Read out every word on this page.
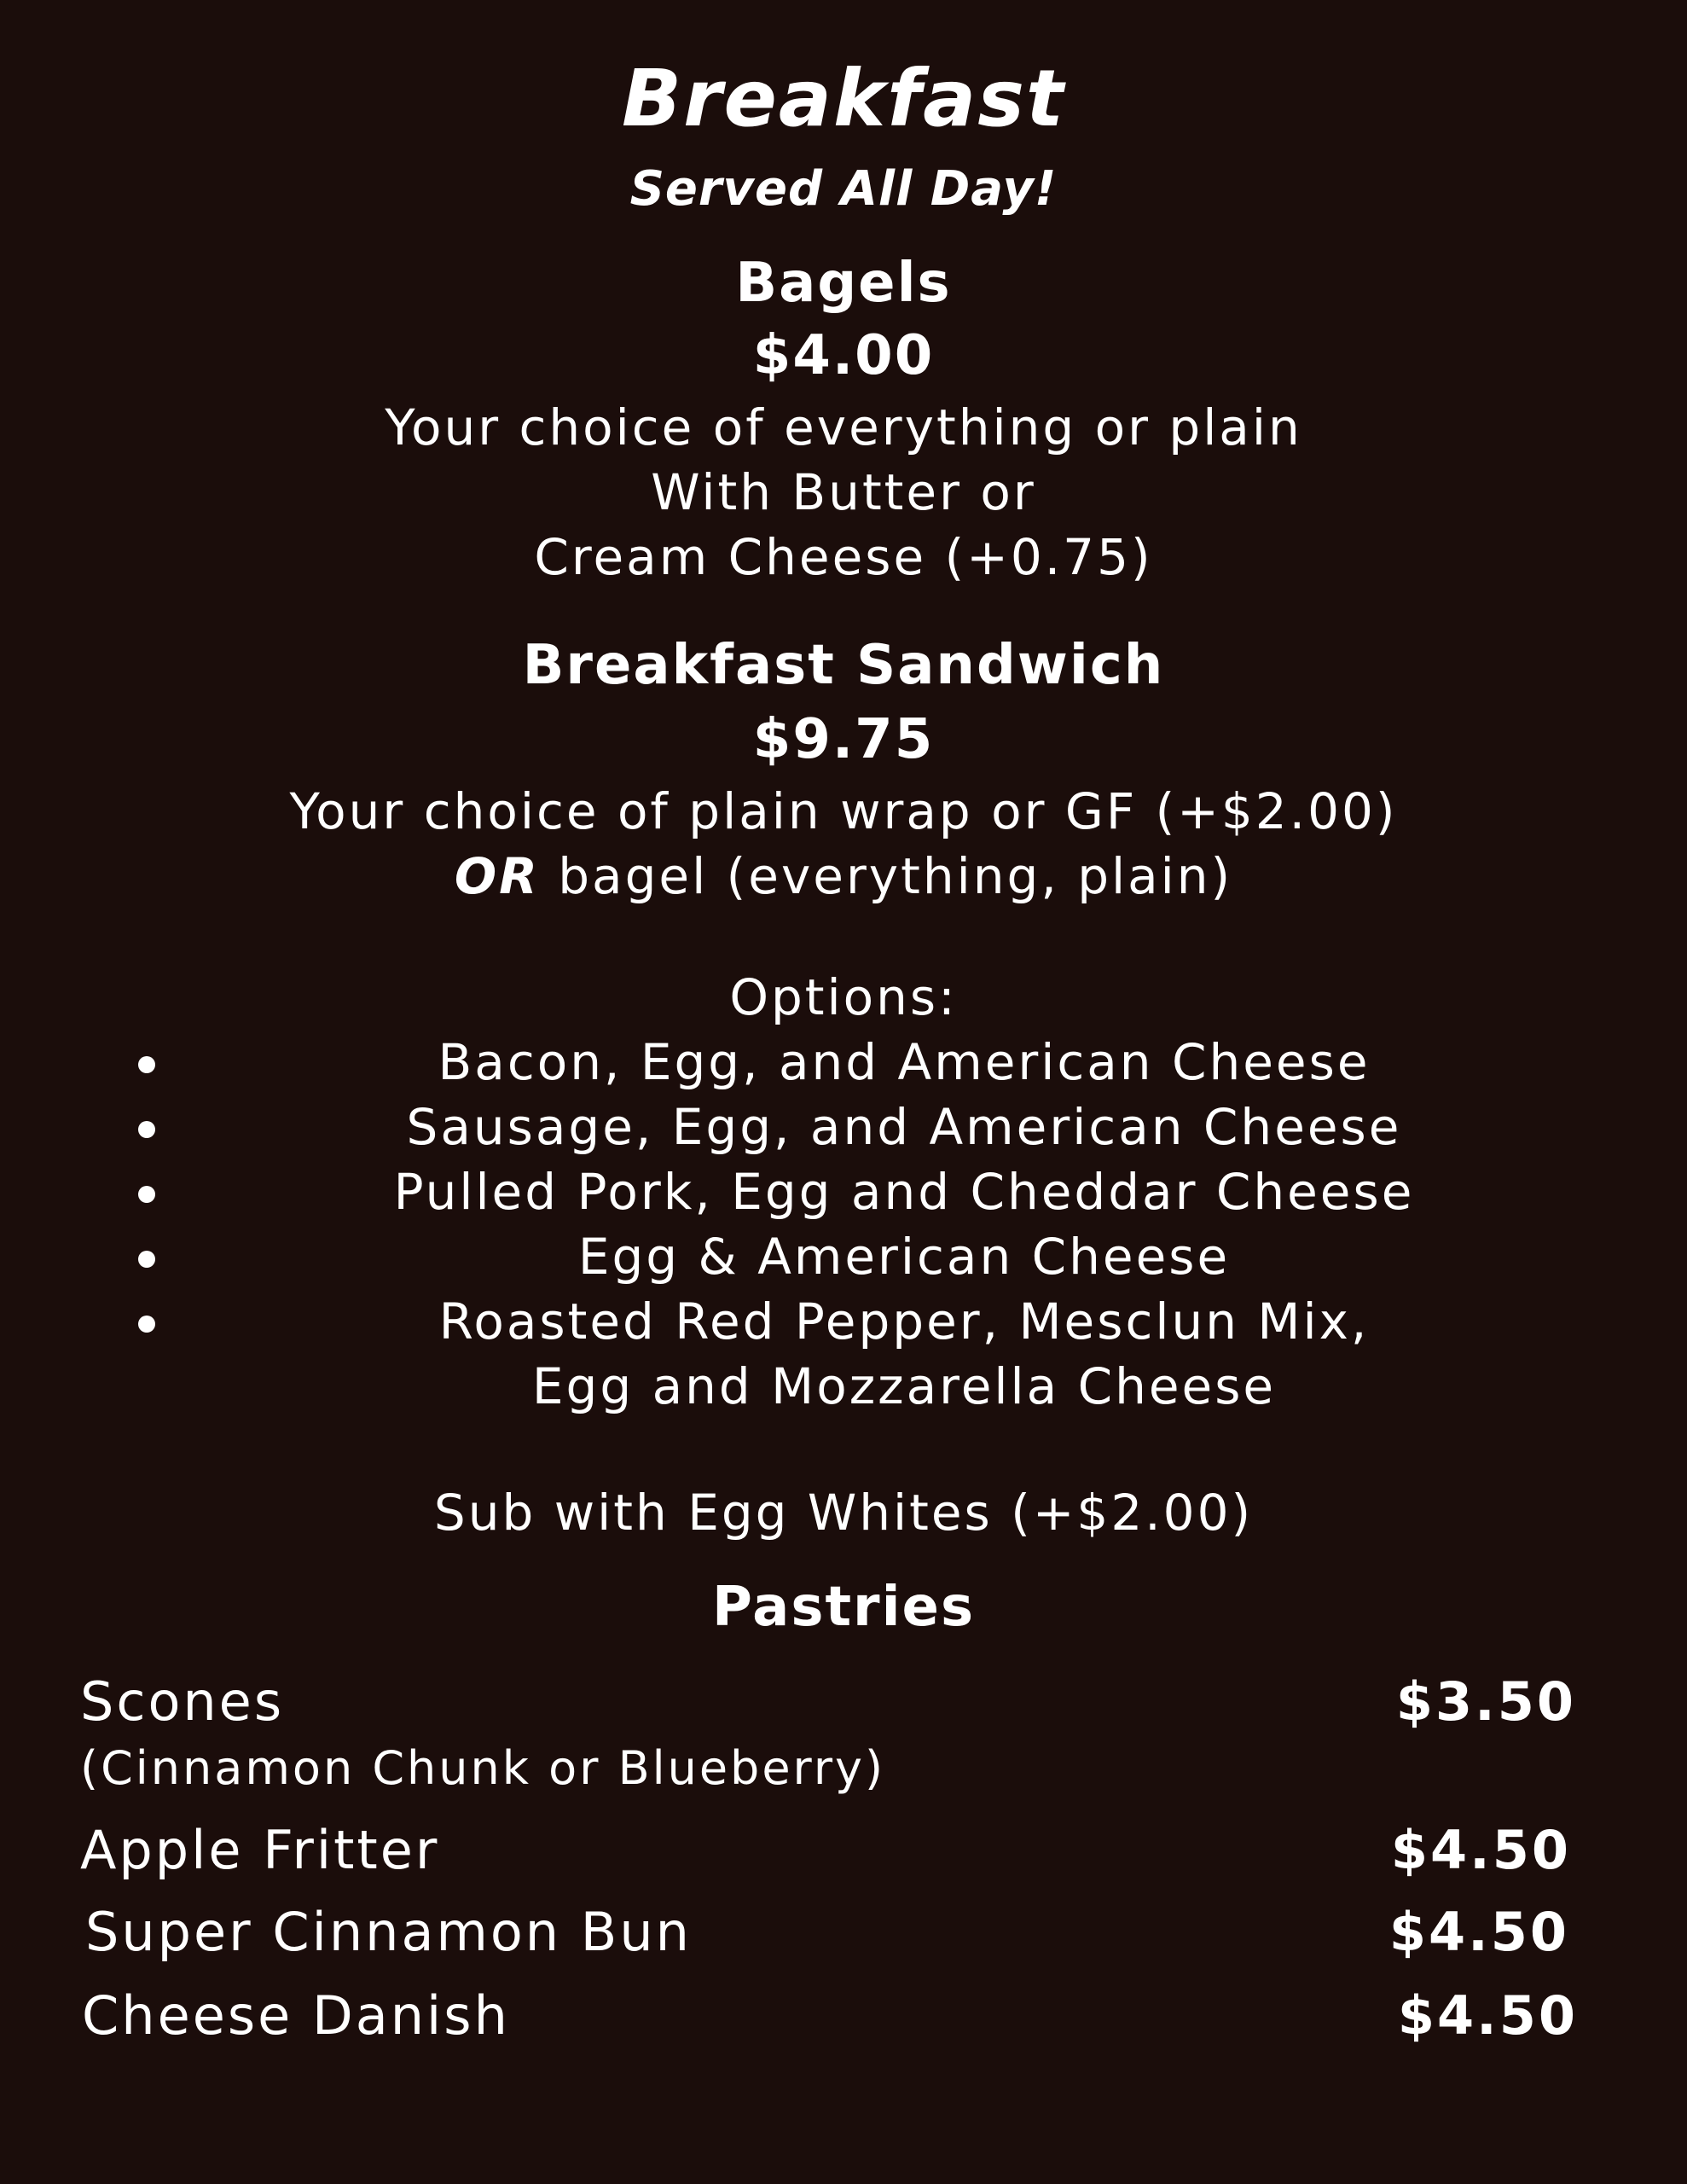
Breakfast
Served All Day!
Bagels
$4.00
Your choice of everything or plain
With Butter or
Cream Cheese (+0.75)
Breakfast Sandwich
$9.75
Your choice of plain wrap or GF (+$2.00)
OR bagel (everything, plain)
Options:
Bacon, Egg, and American Cheese
Sausage, Egg, and American Cheese
Pulled Pork, Egg and Cheddar Cheese
Egg & American Cheese
Roasted Red Pepper, Mesclun Mix,
Egg and Mozzarella Cheese
Sub with Egg Whites (+$2.00)
Pastries
Scones	$3.50
(Cinnamon Chunk or Blueberry)
Apple Fritter	$4.50
Super Cinnamon Bun	$4.50
Cheese Danish	$4.50
